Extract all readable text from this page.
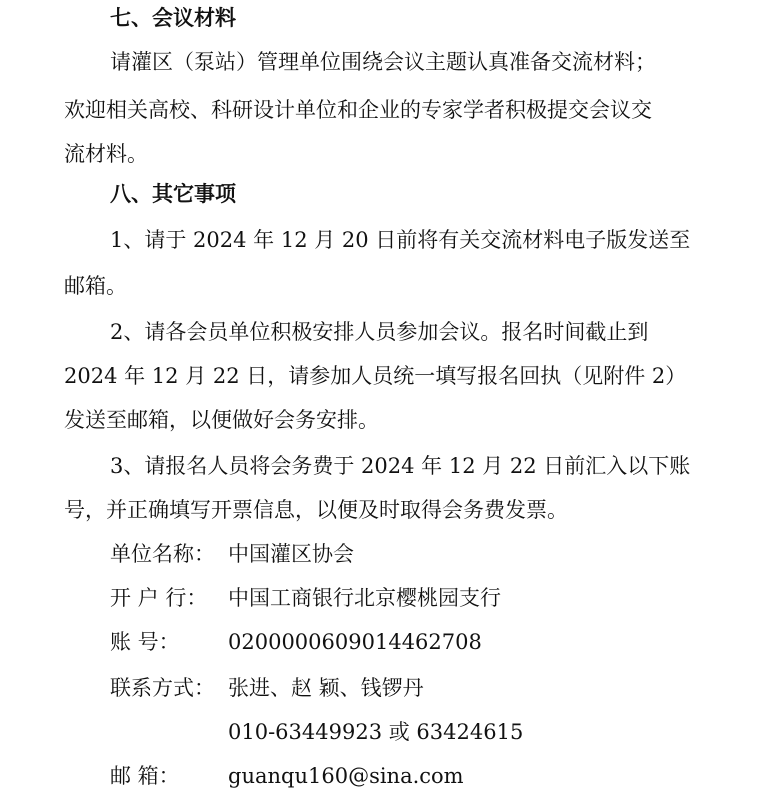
七、会议材料
请灌区（泵站）管理单位围绕会议主题认真准备交流材料；
欢迎相关高校、科研设计单位和企业的专家学者积极提交会议交
流材料。
八、其它事项
1、请于 2024 年 12 月 20 日前将有关交流材料电子版发送至
邮箱。
2、请各会员单位积极安排人员参加会议。报名时间截止到
2024 年 12 月 22 日，请参加人员统一填写报名回执（见附件 2）
发送至邮箱，以便做好会务安排。
3、请报名人员将会务费于 2024 年 12 月 22 日前汇入以下账
号，并正确填写开票信息，以便及时取得会务费发票。
单位名称： 中国灌区协会
开 户 行： 中国工商银行北京樱桃园支行
账 号： 0200000609014462708
联系方式： 张进、赵 颖、钱锣丹
010-63449923 或 63424615
邮 箱： guanqu160@sina.com
